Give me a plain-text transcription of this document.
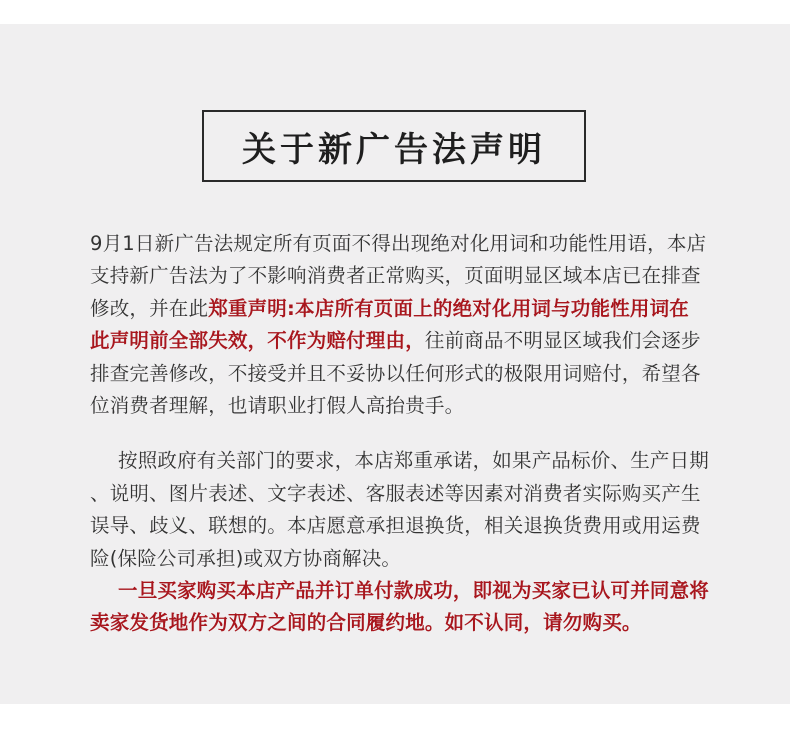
关于新广告法声明

9月1日新广告法规定所有页面不得出现绝对化用词和功能性用语，本店
支持新广告法为了不影响消费者正常购买，页面明显区域本店已在排查
修改，并在此郑重声明:本店所有页面上的绝对化用词与功能性用词在
此声明前全部失效，不作为赔付理由，往前商品不明显区域我们会逐步
排查完善修改，不接受并且不妥协以任何形式的极限用词赔付，希望各
位消费者理解，也请职业打假人高抬贵手。

按照政府有关部门的要求，本店郑重承诺，如果产品标价、生产日期
、说明、图片表述、文字表述、客服表述等因素对消费者实际购买产生
误导、歧义、联想的。本店愿意承担退换货，相关退换货费用或用运费
险(保险公司承担)或双方协商解决。

一旦买家购买本店产品并订单付款成功，即视为买家已认可并同意将
卖家发货地作为双方之间的合同履约地。如不认同，请勿购买。
